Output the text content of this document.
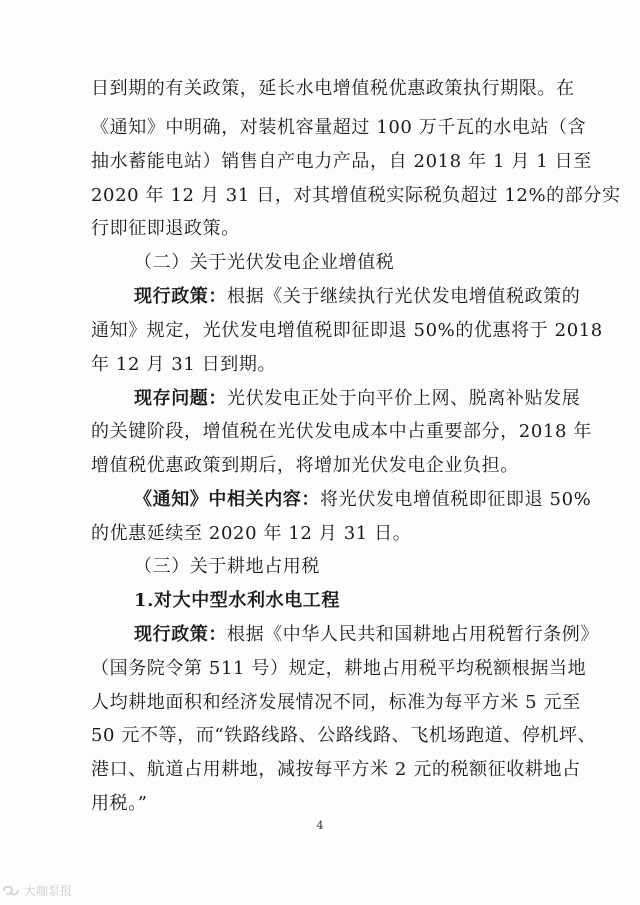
日到期的有关政策，延长水电增值税优惠政策执行期限。在
《通知》中明确，对装机容量超过 100 万千瓦的水电站（含
抽水蓄能电站）销售自产电力产品，自 2018 年 1 月 1 日至
2020 年 12 月 31 日，对其增值税实际税负超过 12%的部分实
行即征即退政策。
（二）关于光伏发电企业增值税
现行政策：根据《关于继续执行光伏发电增值税政策的
通知》规定，光伏发电增值税即征即退 50%的优惠将于 2018
年 12 月 31 日到期。
现存问题：光伏发电正处于向平价上网、脱离补贴发展
的关键阶段，增值税在光伏发电成本中占重要部分，2018 年
增值税优惠政策到期后，将增加光伏发电企业负担。
《通知》中相关内容：将光伏发电增值税即征即退 50%
的优惠延续至 2020 年 12 月 31 日。
（三）关于耕地占用税
1.对大中型水利水电工程
现行政策：根据《中华人民共和国耕地占用税暂行条例》
（国务院令第 511 号）规定，耕地占用税平均税额根据当地
人均耕地面积和经济发展情况不同，标准为每平方米 5 元至
50 元不等，而“铁路线路、公路线路、飞机场跑道、停机坪、
港口、航道占用耕地，减按每平方米 2 元的税额征收耕地占
用税。”
4
大咖泵报
